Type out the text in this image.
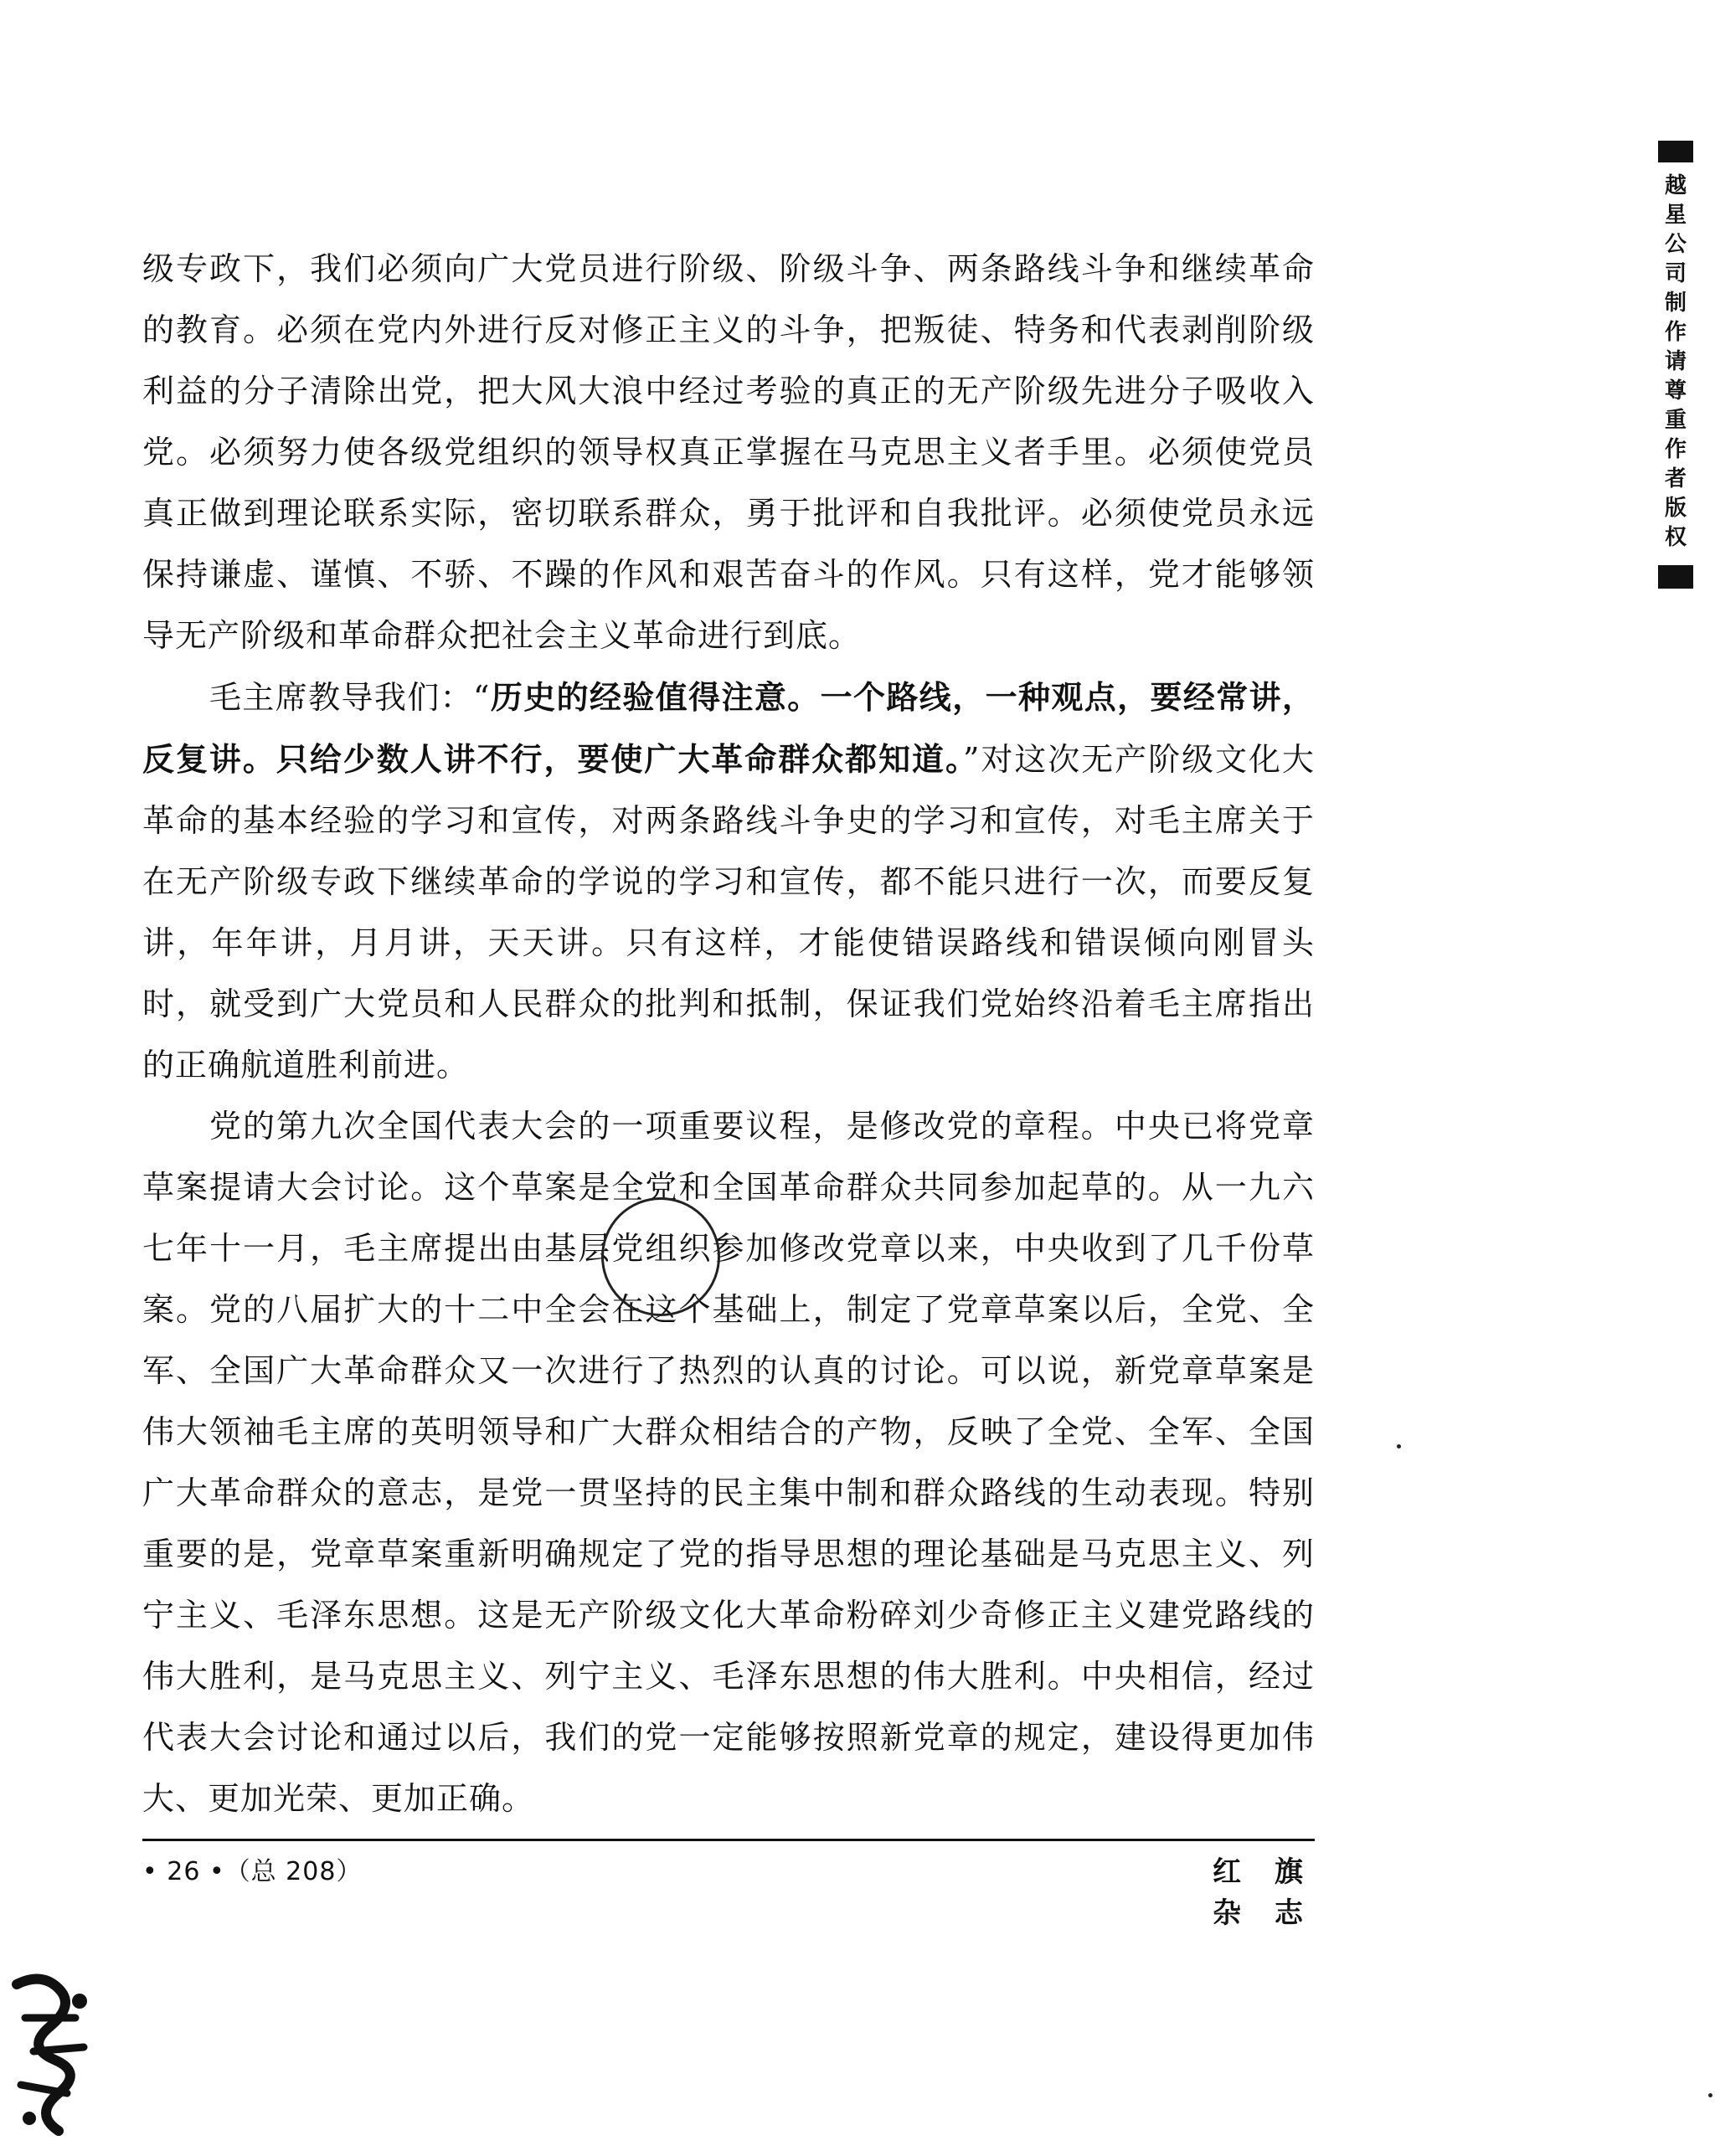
越星公司制作 请尊重作者版权

级专政下，我们必须向广大党员进行阶级、阶级斗争、两条路线斗争和继续革命的教育。必须在党内外进行反对修正主义的斗争，把叛徒、特务和代表剥削阶级利益的分子清除出党，把大风大浪中经过考验的真正的无产阶级先进分子吸收入党。必须努力使各级党组织的领导权真正掌握在马克思主义者手里。必须使党员真正做到理论联系实际，密切联系群众，勇于批评和自我批评。必须使党员永远保持谦虚、谨慎、不骄、不躁的作风和艰苦奋斗的作风。只有这样，党才能够领导无产阶级和革命群众把社会主义革命进行到底。

毛主席教导我们：“历史的经验值得注意。一个路线，一种观点，要经常讲，反复讲。只给少数人讲不行，要使广大革命群众都知道。”对这次无产阶级文化大革命的基本经验的学习和宣传，对两条路线斗争史的学习和宣传，对毛主席关于在无产阶级专政下继续革命的学说的学习和宣传，都不能只进行一次，而要反复讲，年年讲，月月讲，天天讲。只有这样，才能使错误路线和错误倾向刚冒头时，就受到广大党员和人民群众的批判和抵制，保证我们党始终沿着毛主席指出的正确航道胜利前进。

党的第九次全国代表大会的一项重要议程，是修改党的章程。中央已将党章草案提请大会讨论。这个草案是全党和全国革命群众共同参加起草的。从一九六七年十一月，毛主席提出由基层党组织参加修改党章以来，中央收到了几千份草案。党的八届扩大的十二中全会在这个基础上，制定了党章草案以后，全党、全军、全国广大革命群众又一次进行了热烈的认真的讨论。可以说，新党章草案是伟大领袖毛主席的英明领导和广大群众相结合的产物，反映了全党、全军、全国广大革命群众的意志，是党一贯坚持的民主集中制和群众路线的生动表现。特别重要的是，党章草案重新明确规定了党的指导思想的理论基础是马克思主义、列宁主义、毛泽东思想。这是无产阶级文化大革命粉碎刘少奇修正主义建党路线的伟大胜利，是马克思主义、列宁主义、毛泽东思想的伟大胜利。中央相信，经过代表大会讨论和通过以后，我们的党一定能够按照新党章的规定，建设得更加伟大、更加光荣、更加正确。

• 26 •（总 208）	红 旗 杂 志
